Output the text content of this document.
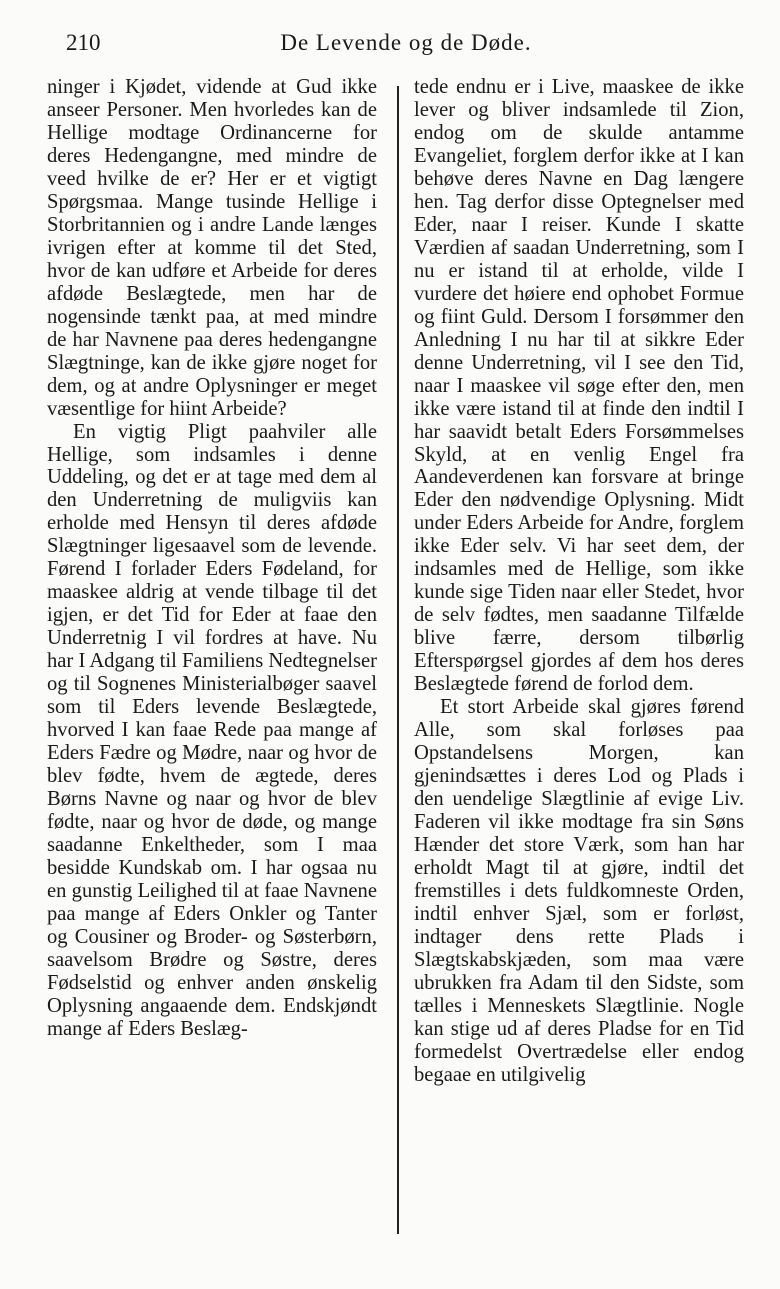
210	De Levende og de Døde.

ninger i Kjødet, vidende at Gud ikke anseer Personer. Men hvorledes kan de Hellige modtage Ordinancerne for deres Hedengangne, med mindre de veed hvilke de er? Her er et vigtigt Spørgsmaa. Mange tusinde Hellige i Storbritannien og i andre Lande længes ivrigen efter at komme til det Sted, hvor de kan udføre et Arbeide for deres afdøde Beslægtede, men har de nogensinde tænkt paa, at med mindre de har Navnene paa deres hedengangne Slægtninge, kan de ikke gjøre noget for dem, og at andre Oplysninger er meget væsentlige for hiint Arbeide?

En vigtig Pligt paahviler alle Hellige, som indsamles i denne Uddeling, og det er at tage med dem al den Underretning de muligviis kan erholde med Hensyn til deres afdøde Slægtninger ligesaavel som de levende. Førend I forlader Eders Fødeland, for maaskee aldrig at vende tilbage til det igjen, er det Tid for Eder at faae den Underretnig I vil fordres at have. Nu har I Adgang til Familiens Nedtegnelser og til Sognenes Ministerialbøger saavel som til Eders levende Beslægtede, hvorved I kan faae Rede paa mange af Eders Fædre og Mødre, naar og hvor de blev fødte, hvem de ægtede, deres Børns Navne og naar og hvor de blev fødte, naar og hvor de døde, og mange saadanne Enkeltheder, som I maa besidde Kundskab om. I har ogsaa nu en gunstig Leilighed til at faae Navnene paa mange af Eders Onkler og Tanter og Cousiner og Broder- og Søsterbørn, saavelsom Brødre og Søstre, deres Fødselstid og enhver anden ønskelig Oplysning angaaende dem. Endskjøndt mange af Eders Beslæg-

tede endnu er i Live, maaskee de ikke lever og bliver indsamlede til Zion, endog om de skulde antamme Evangeliet, forglem derfor ikke at I kan behøve deres Navne en Dag længere hen. Tag derfor disse Optegnelser med Eder, naar I reiser. Kunde I skatte Værdien af saadan Underretning, som I nu er istand til at erholde, vilde I vurdere det høiere end ophobet Formue og fiint Guld. Dersom I forsømmer den Anledning I nu har til at sikkre Eder denne Underretning, vil I see den Tid, naar I maaskee vil søge efter den, men ikke være istand til at finde den indtil I har saavidt betalt Eders Forsømmelses Skyld, at en venlig Engel fra Aandeverdenen kan forsvare at bringe Eder den nødvendige Oplysning. Midt under Eders Arbeide for Andre, forglem ikke Eder selv. Vi har seet dem, der indsamles med de Hellige, som ikke kunde sige Tiden naar eller Stedet, hvor de selv fødtes, men saadanne Tilfælde blive færre, dersom tilbørlig Efterspørgsel gjordes af dem hos deres Beslægtede førend de forlod dem.

Et stort Arbeide skal gjøres førend Alle, som skal forløses paa Opstandelsens Morgen, kan gjenindsættes i deres Lod og Plads i den uendelige Slægtlinie af evige Liv. Faderen vil ikke modtage fra sin Søns Hænder det store Værk, som han har erholdt Magt til at gjøre, indtil det fremstilles i dets fuldkomneste Orden, indtil enhver Sjæl, som er forløst, indtager dens rette Plads i Slægtskabskjæden, som maa være ubrukken fra Adam til den Sidste, som tælles i Menneskets Slægtlinie. Nogle kan stige ud af deres Pladse for en Tid formedelst Overtrædelse eller endog begaae en utilgivelig
